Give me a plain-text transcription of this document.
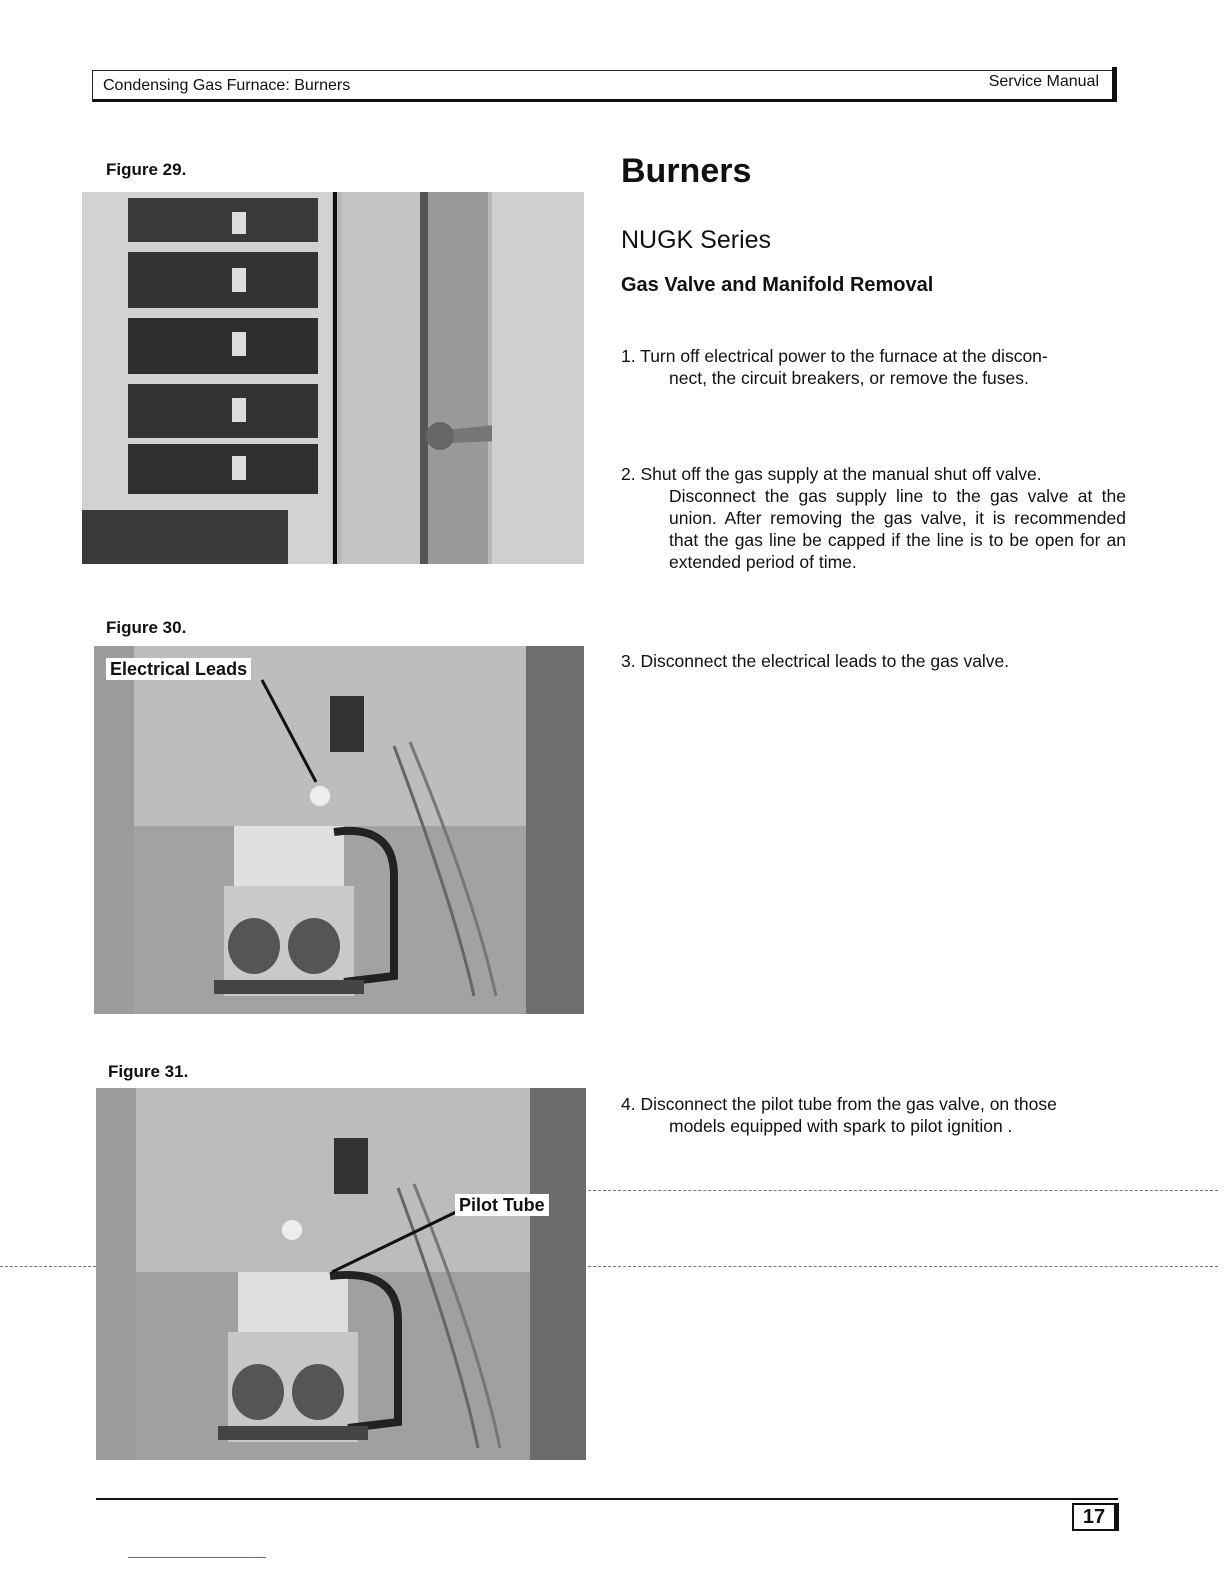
Condensing Gas Furnace: Burners	Service Manual
Figure 29.
Figure 30.
Electrical Leads
Figure 31.
Pilot Tube
Burners
NUGK Series
Gas Valve and Manifold Removal
1. Turn off electrical power to the furnace at the discon-
nect, the circuit breakers, or remove the fuses.
2. Shut off the gas supply at the manual shut off valve.
Disconnect the gas supply line to the gas valve at the union. After removing the gas valve, it is recommended that the gas line be capped if the line is to be open for an extended period of time.
3. Disconnect the electrical leads to the gas valve.
4. Disconnect the pilot tube from the gas valve, on those
models equipped with spark to pilot ignition .
17
